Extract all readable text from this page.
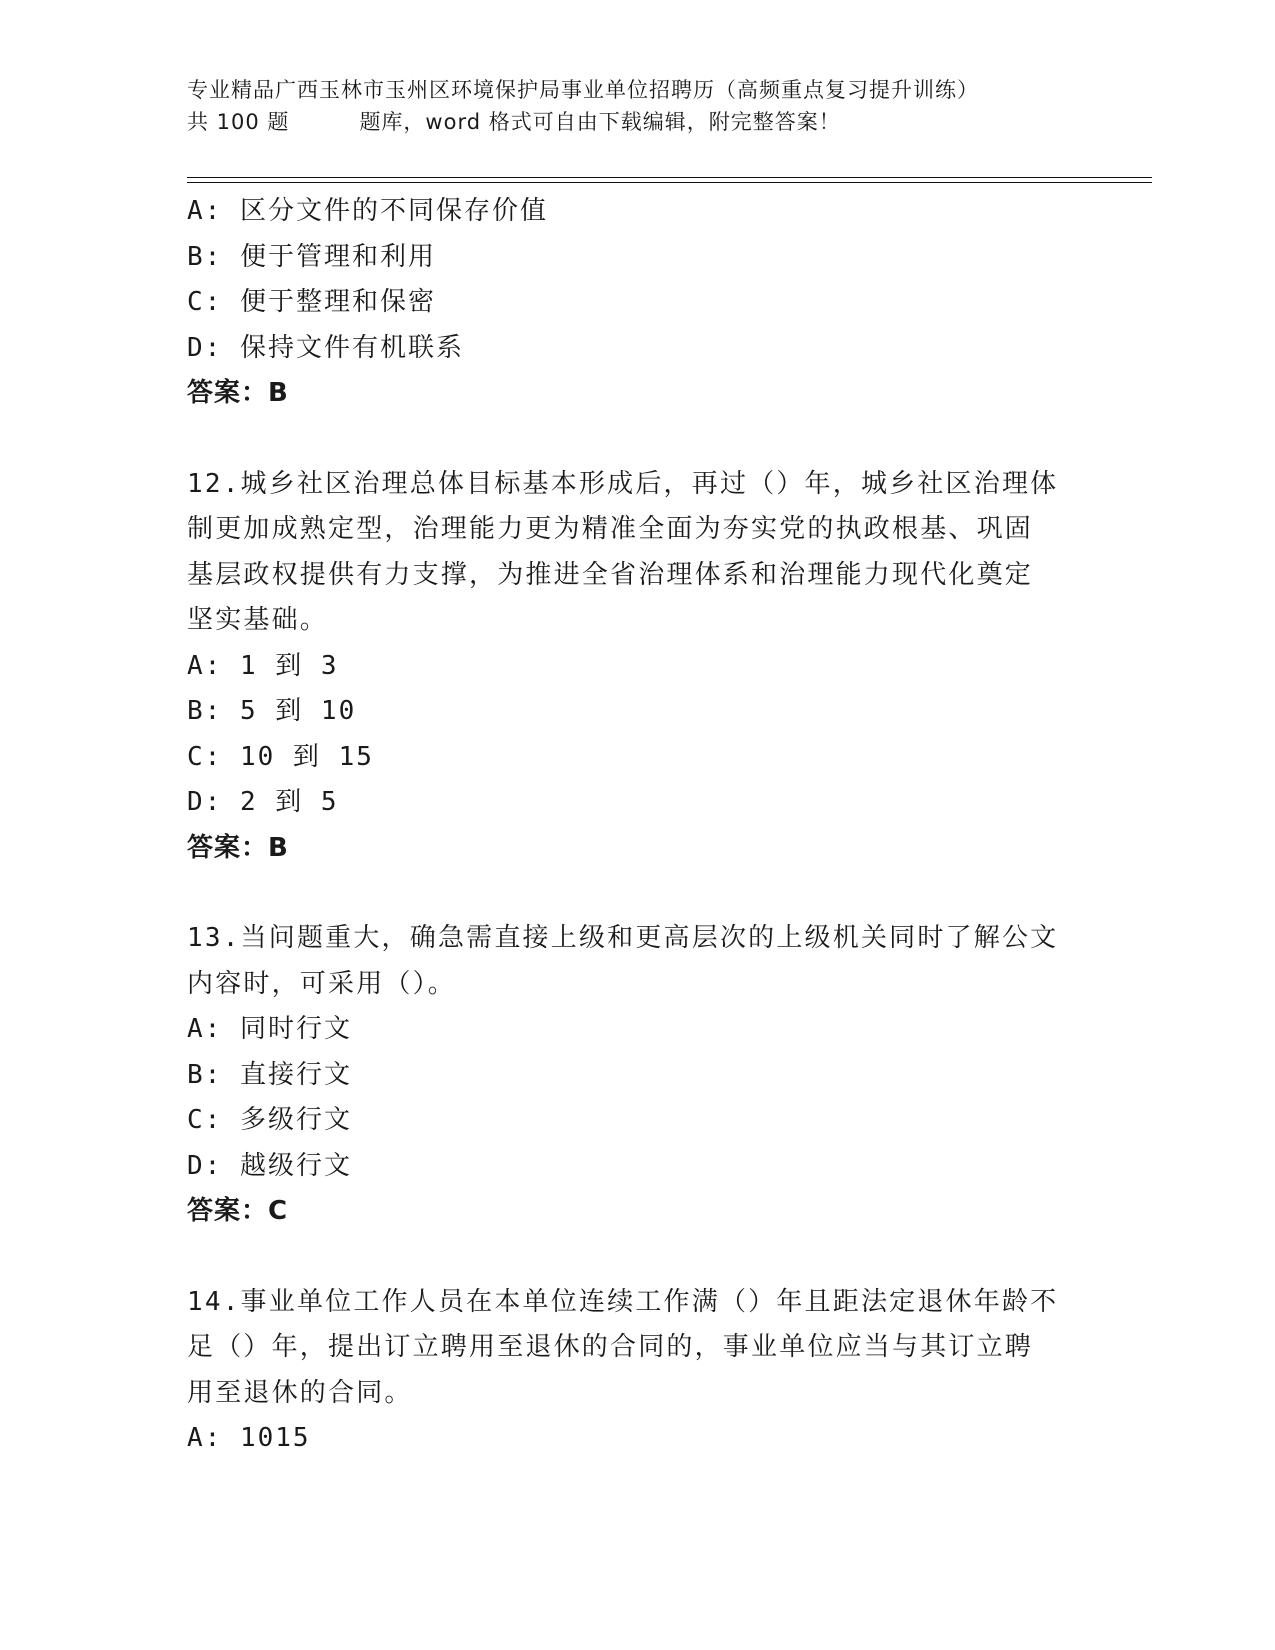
专业精品广西玉林市玉州区环境保护局事业单位招聘历（高频重点复习提升训练）
共 100 题	题库，word 格式可自由下载编辑，附完整答案！
A: 区分文件的不同保存价值
B: 便于管理和利用
C: 便于整理和保密
D: 保持文件有机联系
答案：B
12.城乡社区治理总体目标基本形成后，再过（）年，城乡社区治理体
制更加成熟定型，治理能力更为精准全面为夯实党的执政根基、巩固
基层政权提供有力支撑，为推进全省治理体系和治理能力现代化奠定
坚实基础。
A: 1 到 3
B: 5 到 10
C: 10 到 15
D: 2 到 5
答案：B
13.当问题重大，确急需直接上级和更高层次的上级机关同时了解公文
内容时，可采用（）。
A: 同时行文
B: 直接行文
C: 多级行文
D: 越级行文
答案：C
14.事业单位工作人员在本单位连续工作满（）年且距法定退休年龄不
足（）年，提出订立聘用至退休的合同的，事业单位应当与其订立聘
用至退休的合同。
A: 1015
